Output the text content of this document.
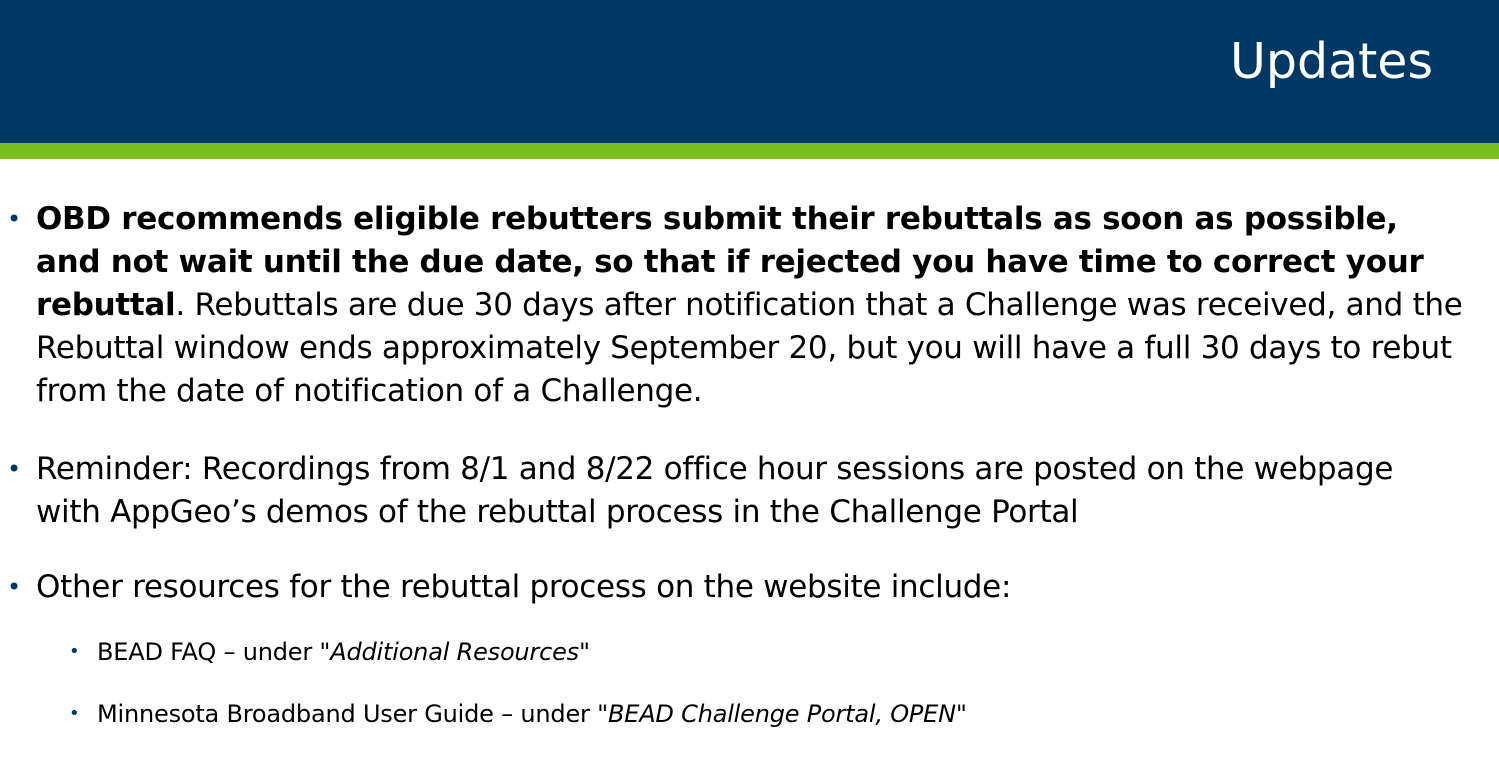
Updates
• OBD recommends eligible rebutters submit their rebuttals as soon as possible, and not wait until the due date, so that if rejected you have time to correct your rebuttal. Rebuttals are due 30 days after notification that a Challenge was received, and the Rebuttal window ends approximately September 20, but you will have a full 30 days to rebut from the date of notification of a Challenge.
• Reminder: Recordings from 8/1 and 8/22 office hour sessions are posted on the webpage with AppGeo’s demos of the rebuttal process in the Challenge Portal
• Other resources for the rebuttal process on the website include:
• BEAD FAQ – under "Additional Resources"
• Minnesota Broadband User Guide – under "BEAD Challenge Portal, OPEN"
